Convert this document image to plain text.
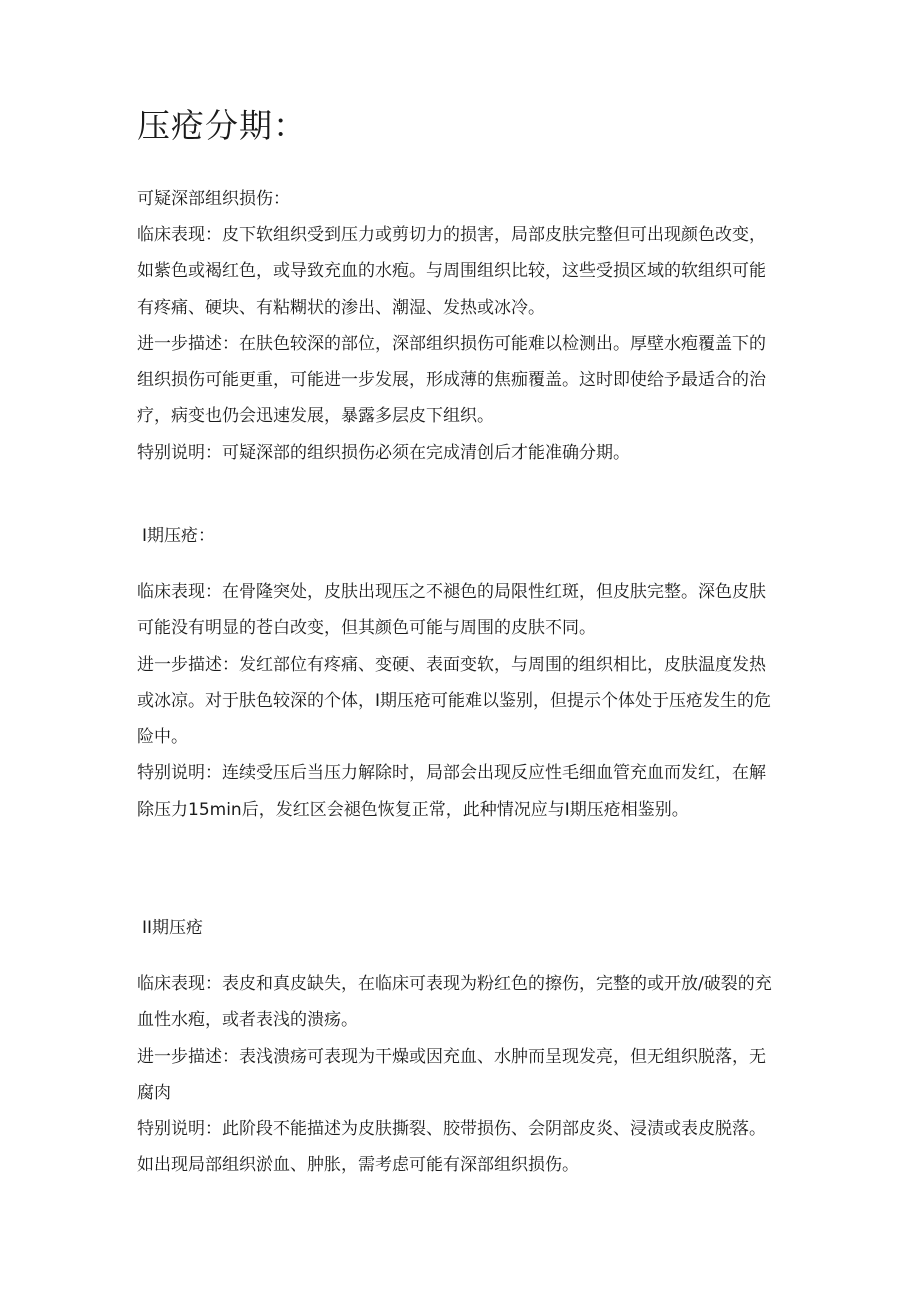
压疮分期：

可疑深部组织损伤：

临床表现：皮下软组织受到压力或剪切力的损害，局部皮肤完整但可出现颜色改变，如紫色或褐红色，或导致充血的水疱。与周围组织比较，这些受损区域的软组织可能有疼痛、硬块、有粘糊状的渗出、潮湿、发热或冰冷。

进一步描述：在肤色较深的部位，深部组织损伤可能难以检测出。厚壁水疱覆盖下的组织损伤可能更重，可能进一步发展，形成薄的焦痂覆盖。这时即使给予最适合的治疗，病变也仍会迅速发展，暴露多层皮下组织。

特别说明：可疑深部的组织损伤必须在完成清创后才能准确分期。

I期压疮：

临床表现：在骨隆突处，皮肤出现压之不褪色的局限性红斑，但皮肤完整。深色皮肤可能没有明显的苍白改变，但其颜色可能与周围的皮肤不同。

进一步描述：发红部位有疼痛、变硬、表面变软，与周围的组织相比，皮肤温度发热或冰凉。对于肤色较深的个体，I期压疮可能难以鉴别，但提示个体处于压疮发生的危险中。

特别说明：连续受压后当压力解除时，局部会出现反应性毛细血管充血而发红，在解除压力15min后，发红区会褪色恢复正常，此种情况应与I期压疮相鉴别。

II期压疮

临床表现：表皮和真皮缺失，在临床可表现为粉红色的擦伤，完整的或开放/破裂的充血性水疱，或者表浅的溃疡。

进一步描述：表浅溃疡可表现为干燥或因充血、水肿而呈现发亮，但无组织脱落，无腐肉

特别说明：此阶段不能描述为皮肤撕裂、胶带损伤、会阴部皮炎、浸渍或表皮脱落。如出现局部组织淤血、肿胀，需考虑可能有深部组织损伤。
